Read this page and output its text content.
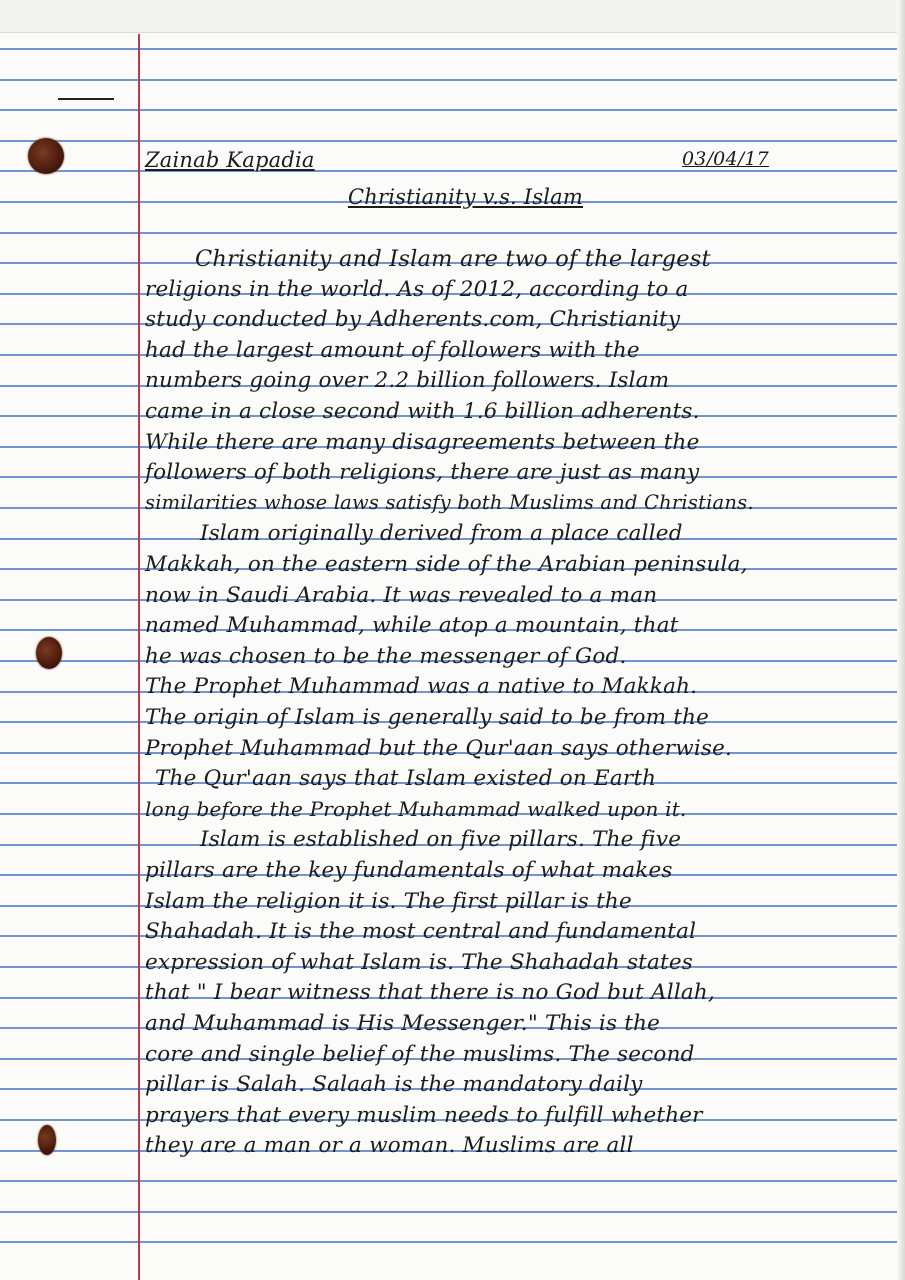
Zainab Kapadia	03/04/17
Christianity v.s. Islam
Christianity and Islam are two of the largest
religions in the world. As of 2012, according to a
study conducted by Adherents.com, Christianity
had the largest amount of followers with the
numbers going over 2.2 billion followers. Islam
came in a close second with 1.6 billion adherents.
While there are many disagreements between the
followers of both religions, there are just as many
similarities whose laws satisfy both Muslims and Christians.
Islam originally derived from a place called
Makkah, on the eastern side of the Arabian peninsula,
now in Saudi Arabia. It was revealed to a man
named Muhammad, while atop a mountain, that
he was chosen to be the messenger of God.
The Prophet Muhammad was a native to Makkah.
The origin of Islam is generally said to be from the
Prophet Muhammad but the Qur'aan says otherwise.
The Qur'aan says that Islam existed on Earth
long before the Prophet Muhammad walked upon it.
Islam is established on five pillars. The five
pillars are the key fundamentals of what makes
Islam the religion it is. The first pillar is the
Shahadah. It is the most central and fundamental
expression of what Islam is. The Shahadah states
that " I bear witness that there is no God but Allah,
and Muhammad is His Messenger." This is the
core and single belief of the muslims. The second
pillar is Salah. Salaah is the mandatory daily
prayers that every muslim needs to fulfill whether
they are a man or a woman. Muslims are all
